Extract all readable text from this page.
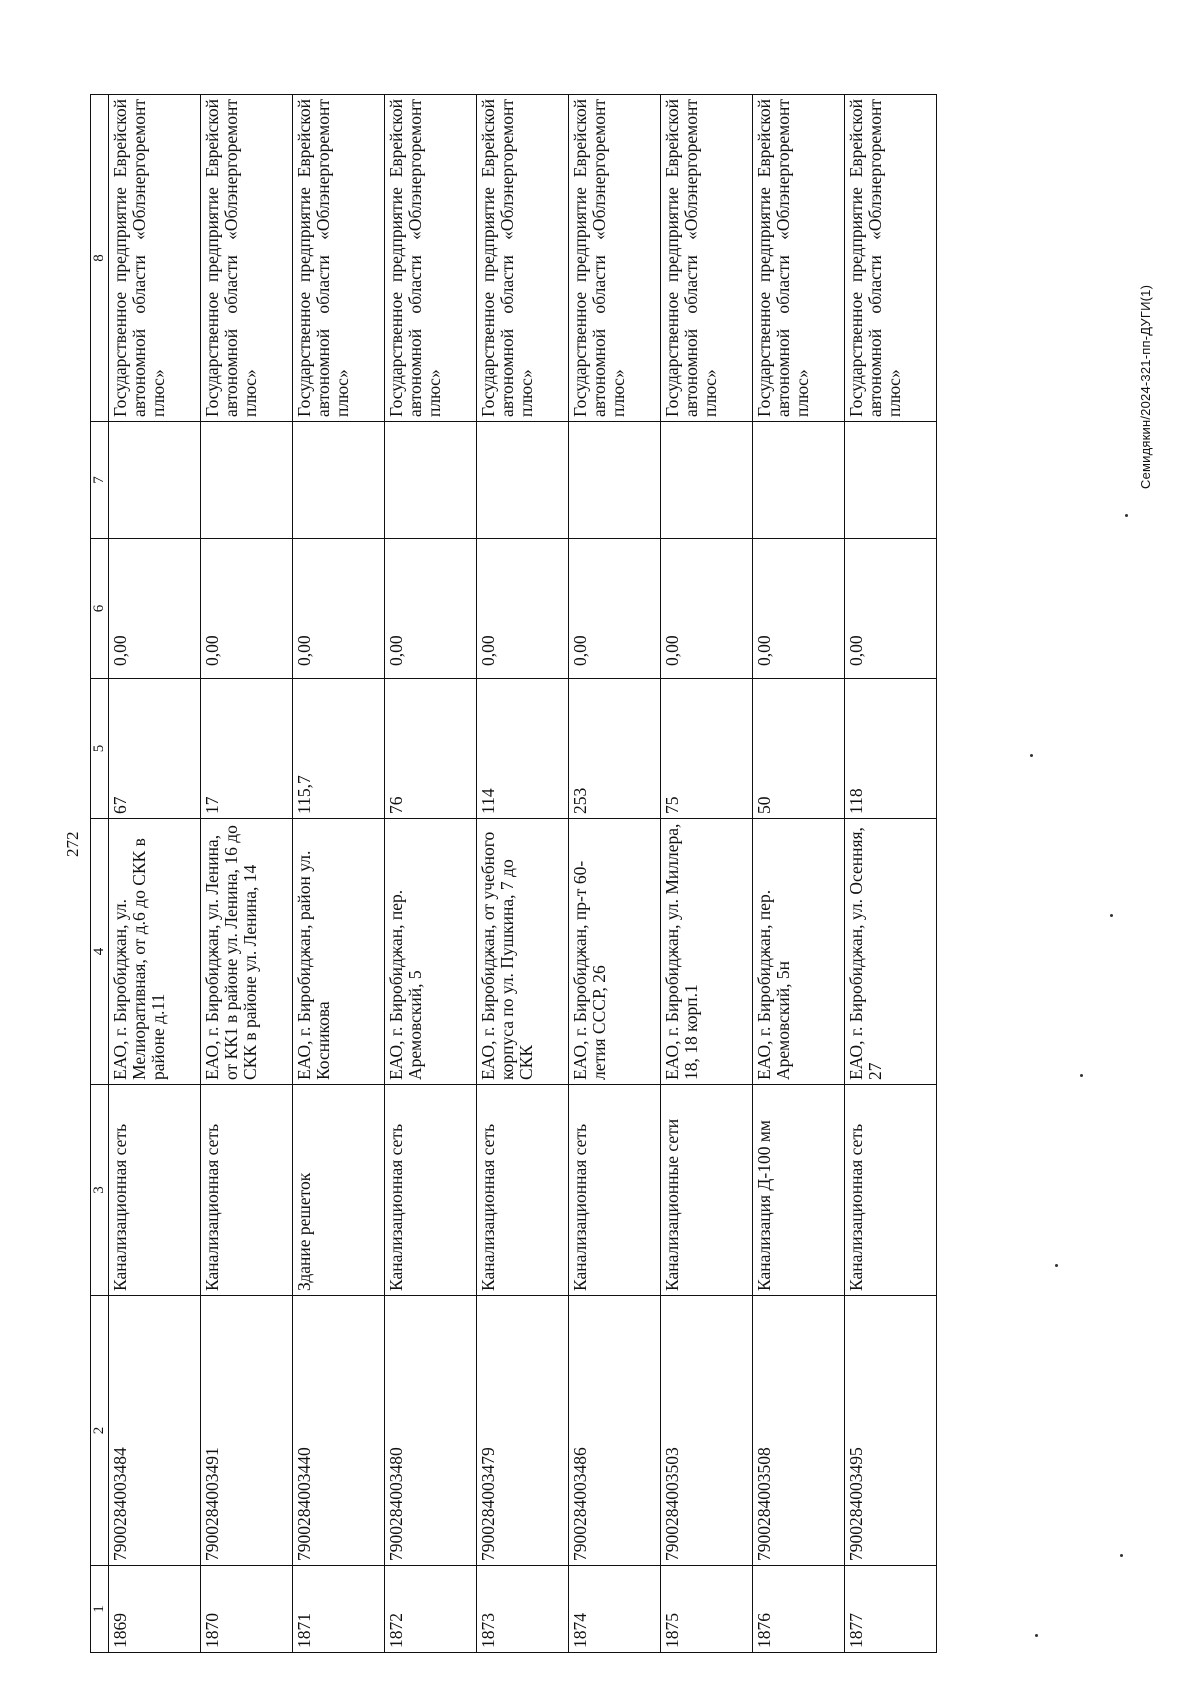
272
1	2	3	4	5	6	7	8
1869	7900284003484	Канализационная сеть	ЕАО, г. Биробиджан, ул. Мелиоративная, от д.6 до СКК в районе д.11	67	0,00		Государственное предприятие Еврейской автономной области «Облэнергоремонт плюс»
1870	7900284003491	Канализационная сеть	ЕАО, г. Биробиджан, ул. Ленина, от КК1 в районе ул. Ленина, 16 до СКК в районе ул. Ленина, 14	17	0,00		Государственное предприятие Еврейской автономной области «Облэнергоремонт плюс»
1871	7900284003440	Здание решеток	ЕАО, г. Биробиджан, район ул. Косникова	115,7	0,00		Государственное предприятие Еврейской автономной области «Облэнергоремонт плюс»
1872	7900284003480	Канализационная сеть	ЕАО, г. Биробиджан, пер. Аремовский, 5	76	0,00		Государственное предприятие Еврейской автономной области «Облэнергоремонт плюс»
1873	7900284003479	Канализационная сеть	ЕАО, г. Биробиджан, от учебного корпуса по ул. Пушкина, 7 до СКК	114	0,00		Государственное предприятие Еврейской автономной области «Облэнергоремонт плюс»
1874	7900284003486	Канализационная сеть	ЕАО, г. Биробиджан, пр-т 60-летия СССР, 26	253	0,00		Государственное предприятие Еврейской автономной области «Облэнергоремонт плюс»
1875	7900284003503	Канализационные сети	ЕАО, г. Биробиджан, ул. Миллера, 18, 18 корп.1	75	0,00		Государственное предприятие Еврейской автономной области «Облэнергоремонт плюс»
1876	7900284003508	Канализация Д-100 мм	ЕАО, г. Биробиджан, пер. Аремовский, 5н	50	0,00		Государственное предприятие Еврейской автономной области «Облэнергоремонт плюс»
1877	7900284003495	Канализационная сеть	ЕАО, г. Биробиджан, ул. Осенняя, 27	118	0,00		Государственное предприятие Еврейской автономной области «Облэнергоремонт плюс»	Семидякин/2024-321-пп-ДУГИ(1)
